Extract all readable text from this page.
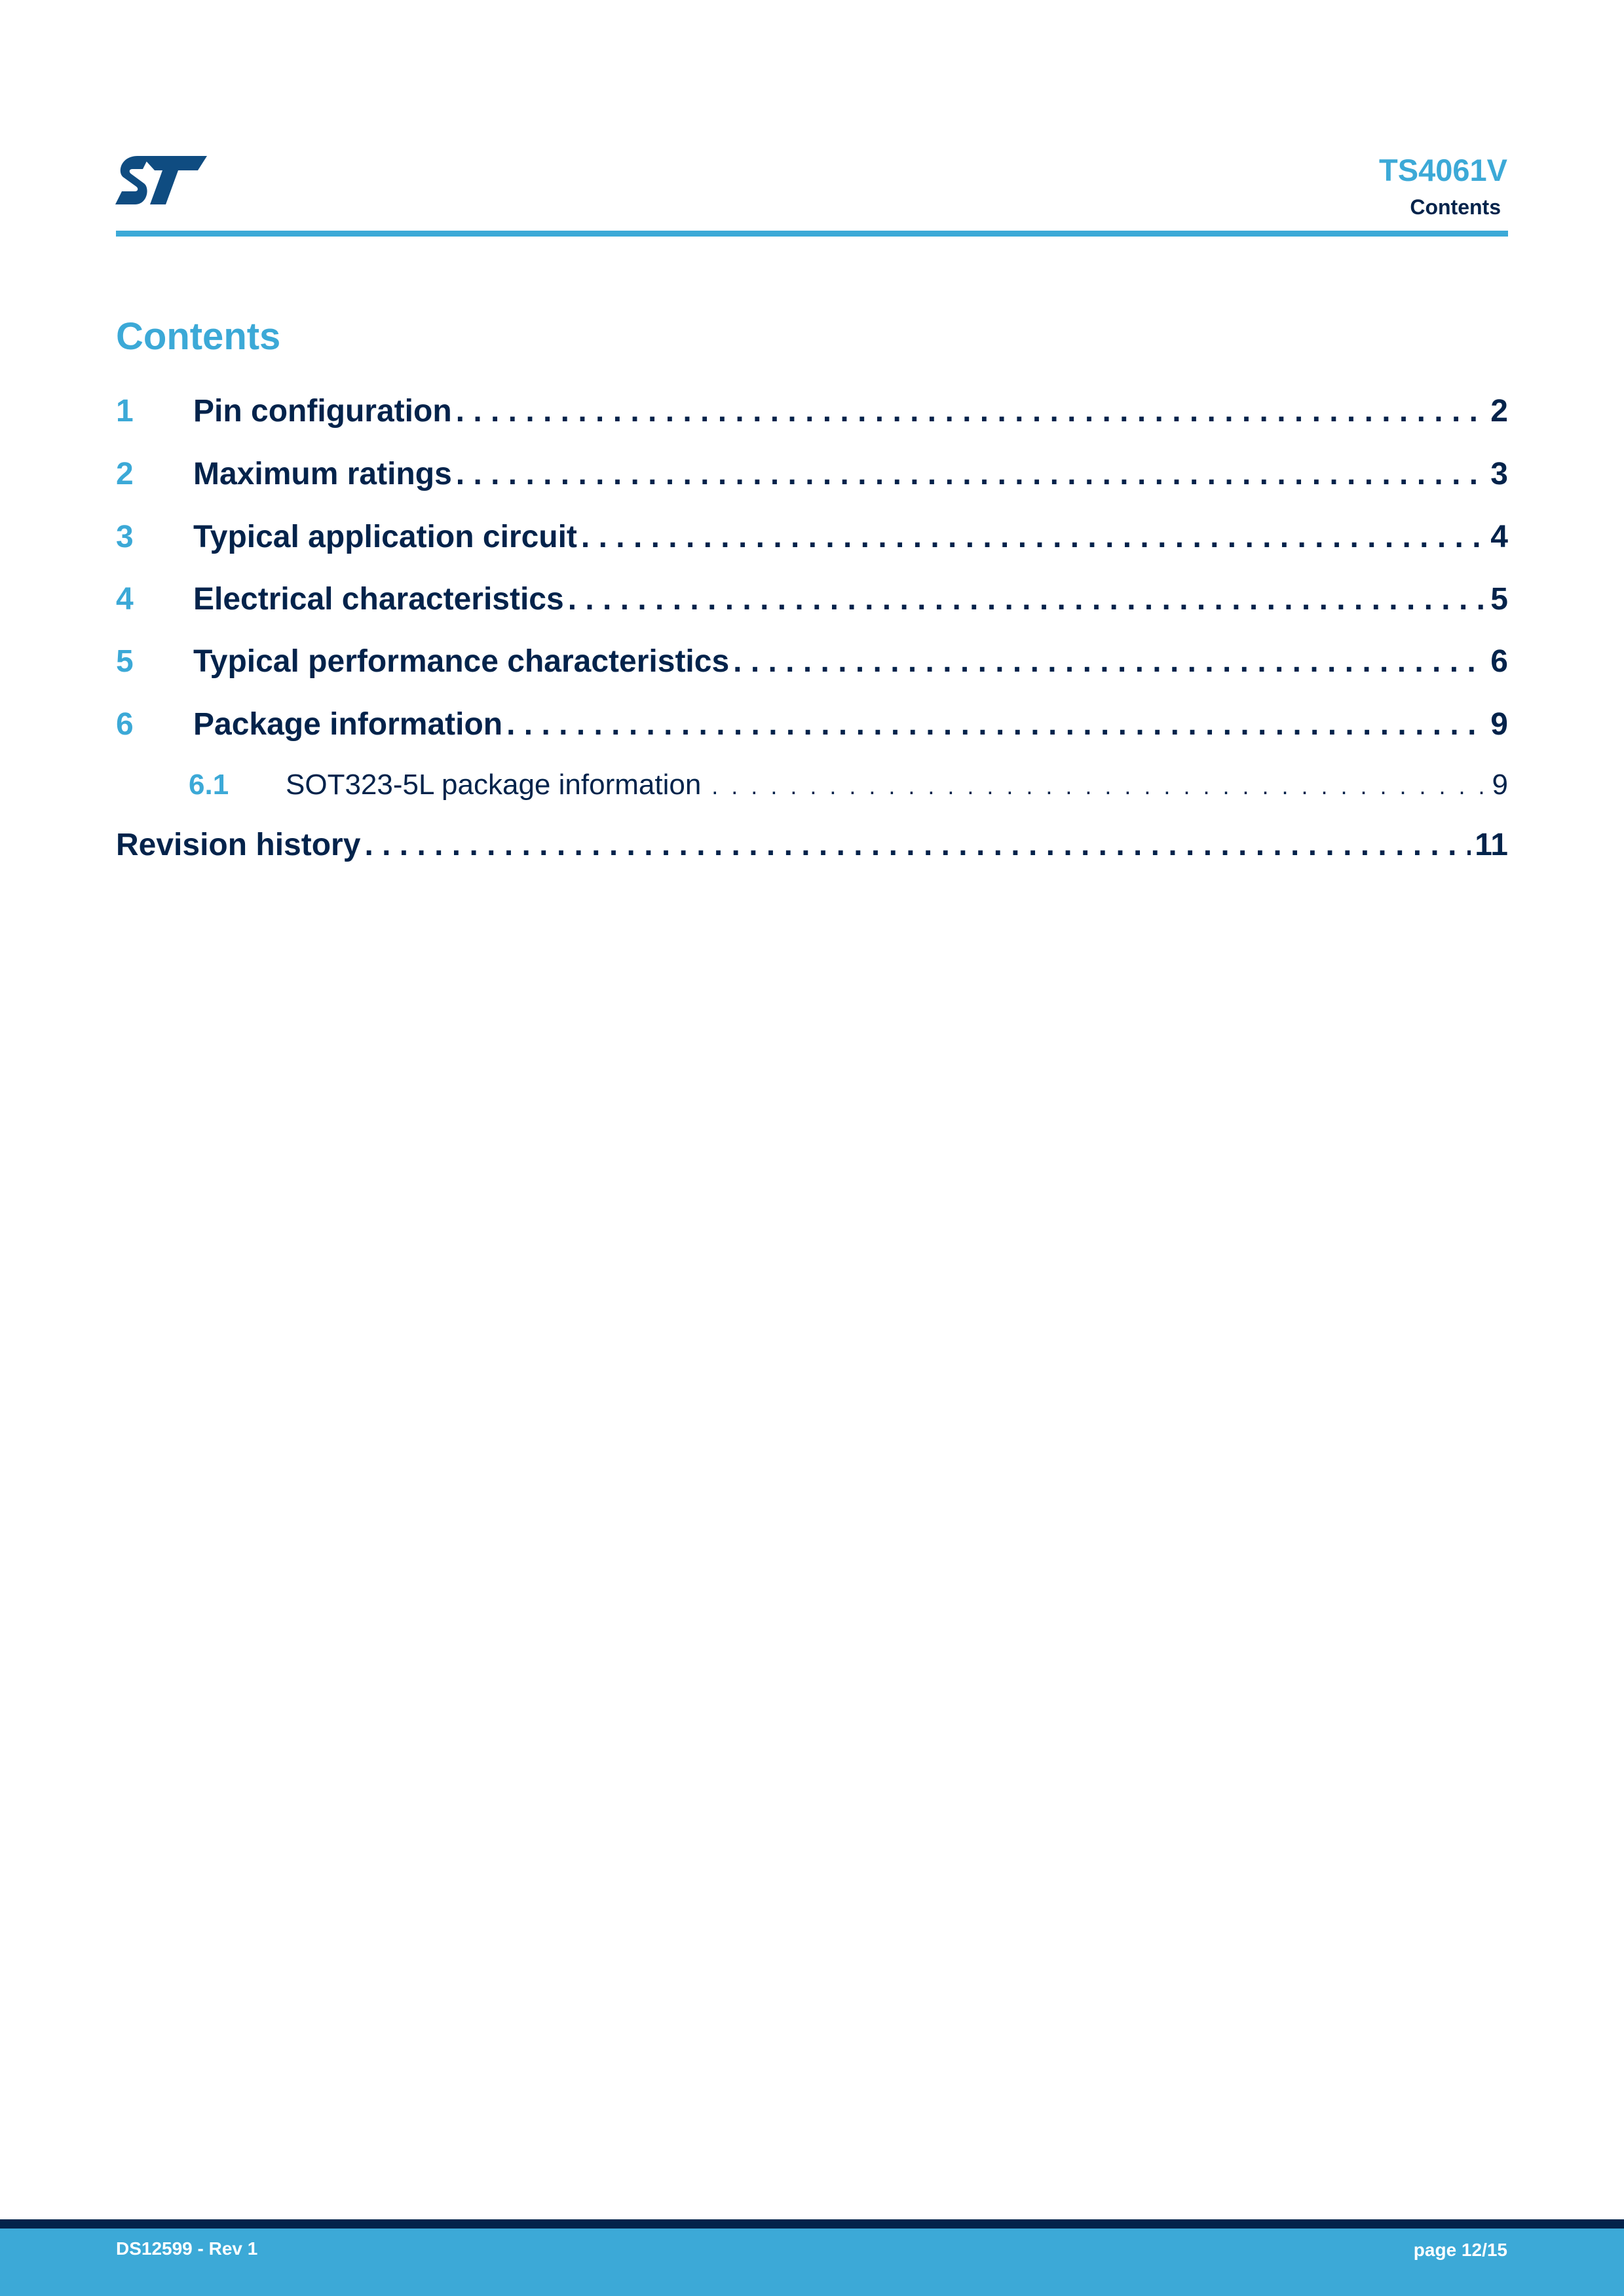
TS4061V
Contents
Contents
1	Pin configuration . . .	2
2	Maximum ratings . . .	3
3	Typical application circuit . . .	4
4	Electrical characteristics . . .	5
5	Typical performance characteristics . . .	6
6	Package information . . .	9
6.1	SOT323-5L package information . .	9
Revision history . . .	11
DS12599 - Rev 1	page 12/15
